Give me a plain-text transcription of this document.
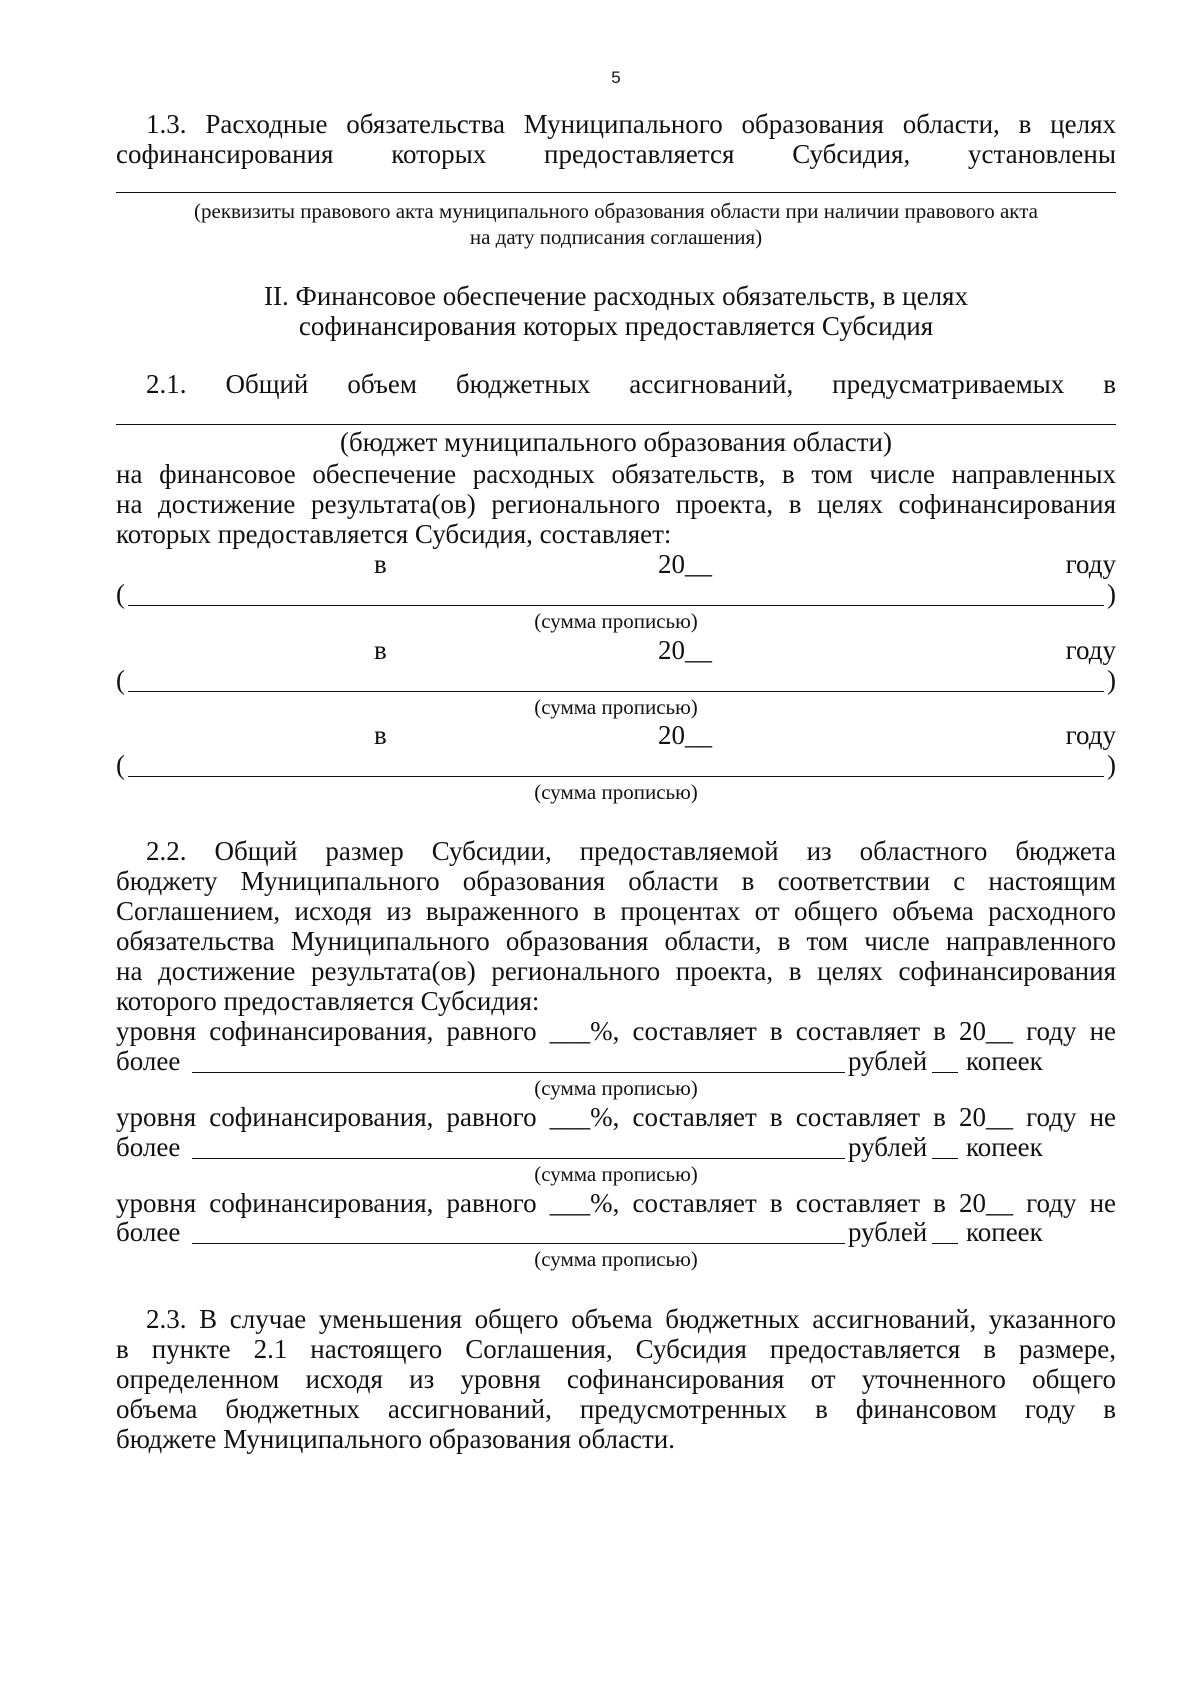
5
1.3. Расходные обязательства Муниципального образования области, в целях
софинансирования которых предоставляется Субсидия, установлены
(реквизиты правового акта муниципального образования области при наличии правового акта
на дату подписания соглашения)
II. Финансовое обеспечение расходных обязательств, в целях
софинансирования которых предоставляется Субсидия
2.1. Общий объем бюджетных ассигнований, предусматриваемых в
(бюджет муниципального образования области)
на финансовое обеспечение расходных обязательств, в том числе направленных
на достижение результата(ов) регионального проекта, в целях софинансирования
которых предоставляется Субсидия, составляет:
в	20__	году
(	)
(сумма прописью)
в	20__	году
(	)
(сумма прописью)
в	20__	году
(	)
(сумма прописью)
2.2. Общий размер Субсидии, предоставляемой из областного бюджета
бюджету Муниципального образования области в соответствии с настоящим
Соглашением, исходя из выраженного в процентах от общего объема расходного
обязательства Муниципального образования области, в том числе направленного
на достижение результата(ов) регионального проекта, в целях софинансирования
которого предоставляется Субсидия:
уровня софинансирования, равного ___%, составляет в составляет в 20__ году не
более	рублей копеек
(сумма прописью)
уровня софинансирования, равного ___%, составляет в составляет в 20__ году не
более	рублей копеек
(сумма прописью)
уровня софинансирования, равного ___%, составляет в составляет в 20__ году не
более	рублей копеек
(сумма прописью)
2.3. В случае уменьшения общего объема бюджетных ассигнований, указанного
в пункте 2.1 настоящего Соглашения, Субсидия предоставляется в размере,
определенном исходя из уровня софинансирования от уточненного общего
объема бюджетных ассигнований, предусмотренных в финансовом году в
бюджете Муниципального образования области.
